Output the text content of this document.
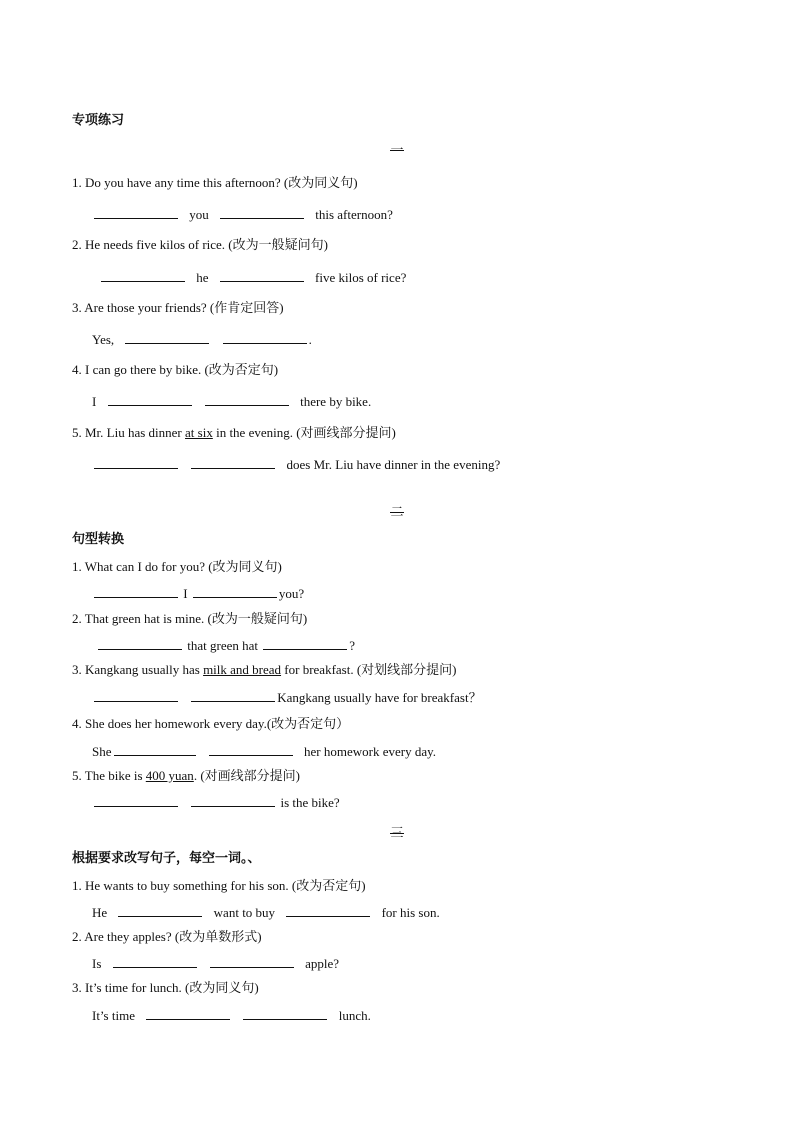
专项练习
一
1. Do you have any time this afternoon? (改为同义句)
you	this afternoon?
2. He needs five kilos of rice. (改为一般疑问句)
he	five kilos of rice?
3. Are those your friends? (作肯定回答)
Yes,	.
4. I can go there by bike. (改为否定句)
I	there by bike.
5. Mr. Liu has dinner at six in the evening. (对画线部分提问)
does Mr. Liu have dinner in the evening?
二
句型转换
1. What can I do for you? (改为同义句)
I	you?
2. That green hat is mine. (改为一般疑问句)
that green hat	?
3. Kangkang usually has milk and bread for breakfast. (对划线部分提问)
Kangkang usually have for breakfast？
4. She does her homework every day.(改为否定句）
She	her homework every day.
5. The bike is 400 yuan. (对画线部分提问)
is the bike?
三
根据要求改写句子，每空一词。、
1. He wants to buy something for his son. (改为否定句)
He	want to buy	for his son.
2. Are they apples? (改为单数形式)
Is	apple?
3. It’s time for lunch. (改为同义句)
It’s time	lunch.
